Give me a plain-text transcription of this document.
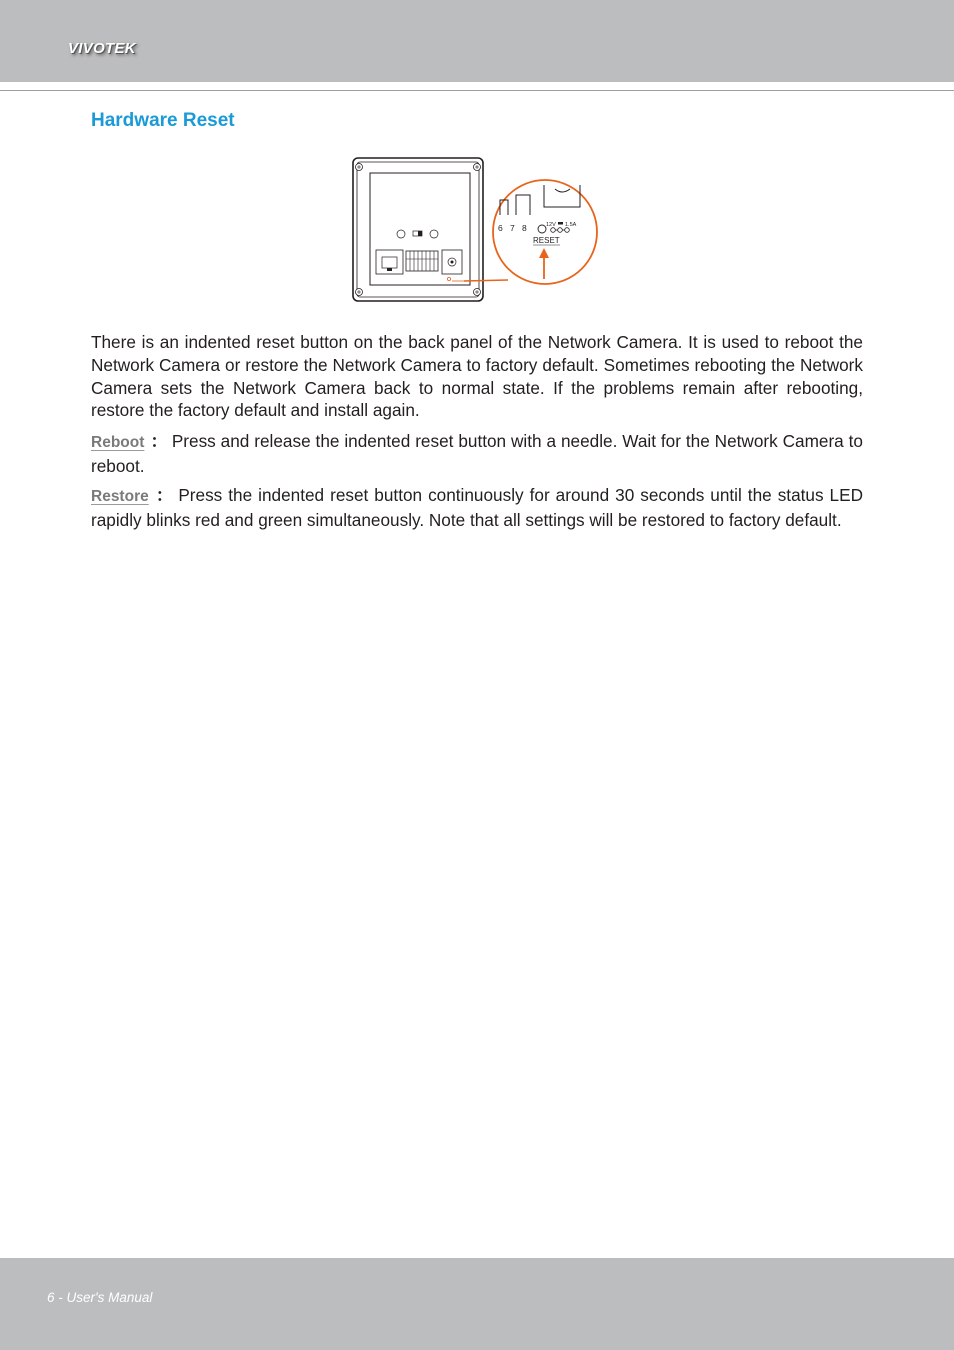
VIVOTEK
Hardware Reset
6 7 8	12V 1.5A
RESET

There is an indented reset button on the back panel of the Network Camera. It is used to reboot the Network Camera or restore the Network Camera to factory default. Sometimes rebooting the Network Camera sets the Network Camera back to normal state. If the problems remain after rebooting, restore the factory default and install again.

Reboot ： Press and release the indented reset button with a needle. Wait for the Network Camera to reboot.

Restore ： Press the indented reset button continuously for around 30 seconds until the status LED rapidly blinks red and green simultaneously. Note that all settings will be restored to factory default.

6 - User's Manual
